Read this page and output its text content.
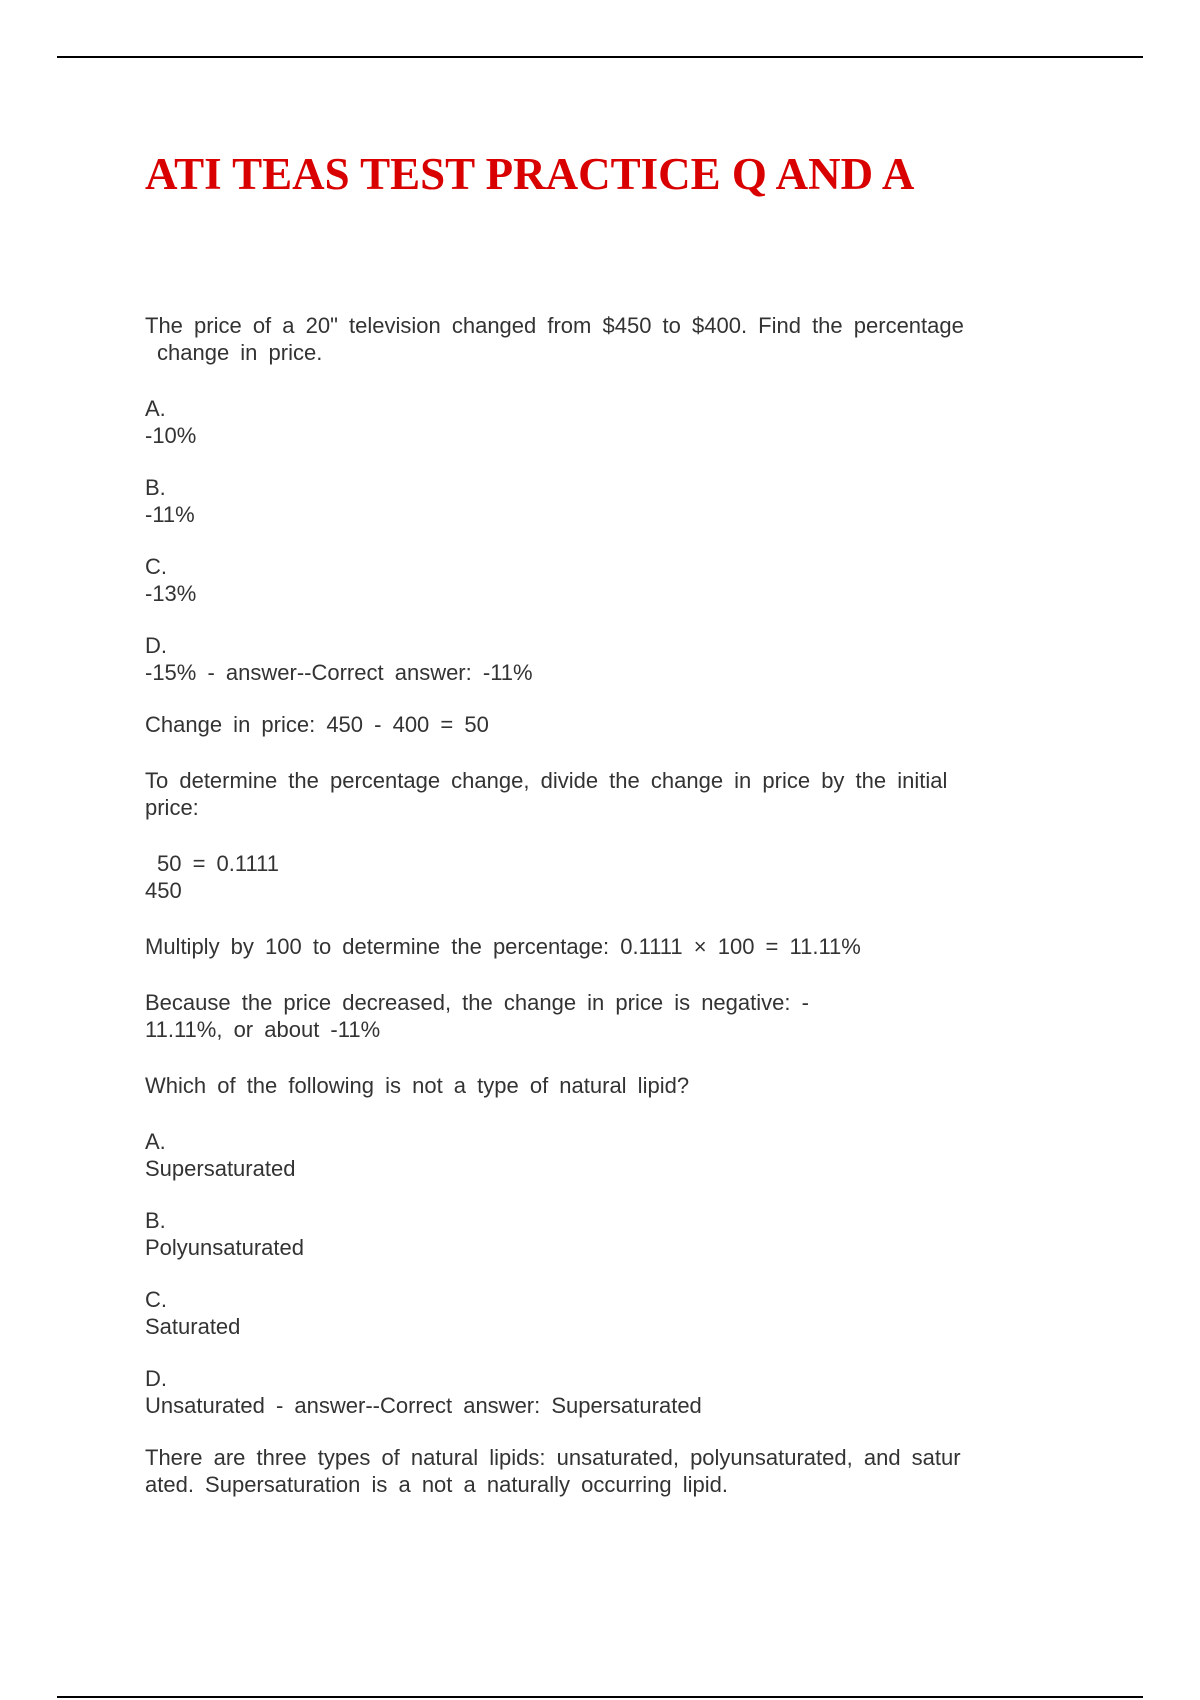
ATI TEAS TEST PRACTICE Q AND A

The price of a 20" television changed from $450 to $400. Find the percentage
change in price.

A.
-10%

B.
-11%

C.
-13%

D.
-15% - answer--Correct answer: -11%

Change in price: 450 - 400 = 50

To determine the percentage change, divide the change in price by the initial
price:

50 = 0.1111
450

Multiply by 100 to determine the percentage: 0.1111 × 100 = 11.11%

Because the price decreased, the change in price is negative: -
11.11%, or about -11%

Which of the following is not a type of natural lipid?

A.
Supersaturated

B.
Polyunsaturated

C.
Saturated

D.
Unsaturated - answer--Correct answer: Supersaturated

There are three types of natural lipids: unsaturated, polyunsaturated, and satur
ated. Supersaturation is a not a naturally occurring lipid.
